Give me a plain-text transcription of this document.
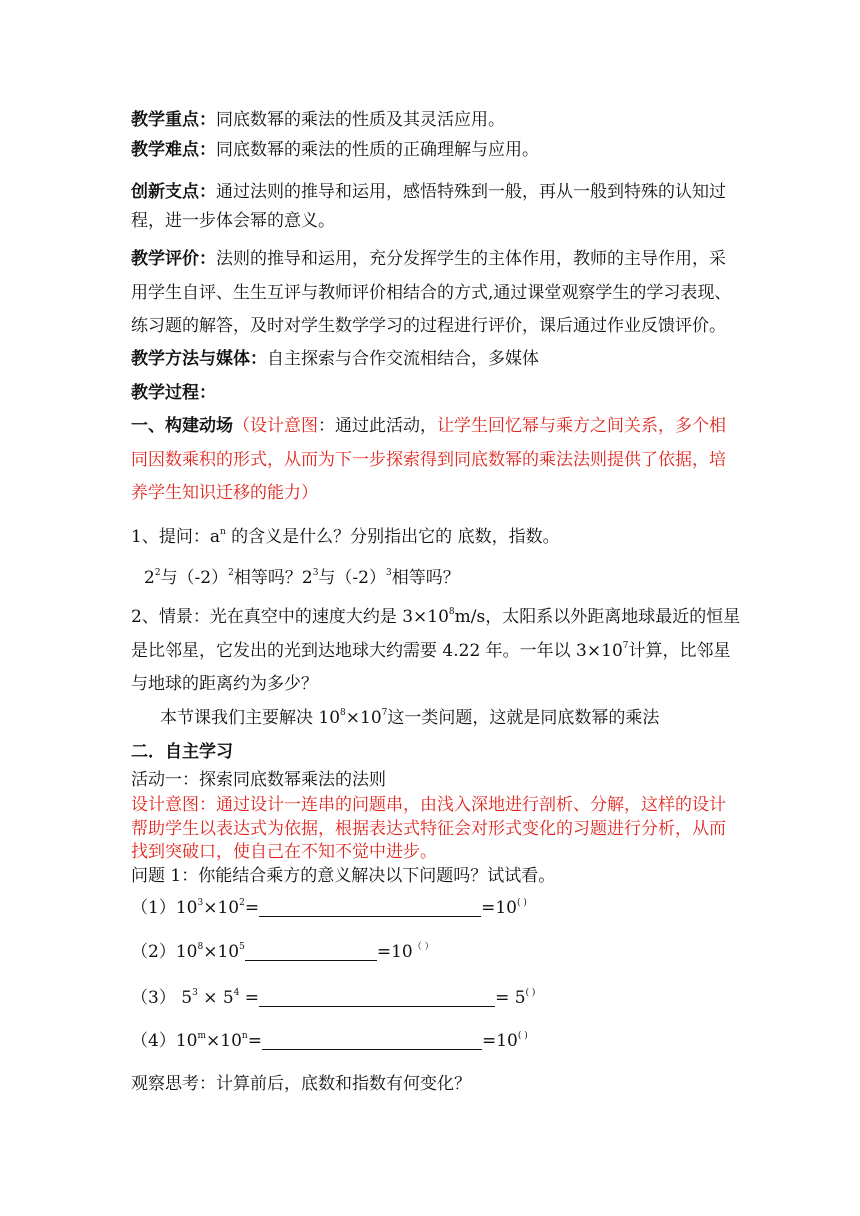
教学重点：同底数幂的乘法的性质及其灵活应用。
教学难点：同底数幂的乘法的性质的正确理解与应用。
创新支点：通过法则的推导和运用，感悟特殊到一般，再从一般到特殊的认知过
程，进一步体会幂的意义。
教学评价：法则的推导和运用，充分发挥学生的主体作用，教师的主导作用，采
用学生自评、生生互评与教师评价相结合的方式,通过课堂观察学生的学习表现、
练习题的解答，及时对学生数学学习的过程进行评价，课后通过作业反馈评价。
教学方法与媒体：自主探索与合作交流相结合，多媒体
教学过程：
一、构建动场（设计意图：通过此活动，让学生回忆幂与乘方之间关系，多个相
同因数乘积的形式，从而为下一步探索得到同底数幂的乘法法则提供了依据，培
养学生知识迁移的能力）
1、提问：$a^n$ 的含义是什么？分别指出它的 底数，指数。
$2^2$与$(-2)^2$相等吗？$2^3$与$(-2)^3$相等吗？
2、情景：光在真空中的速度大约是 $3\times 10^8m/s$，太阳系以外距离地球最近的恒星
是比邻星，它发出的光到达地球大约需要 4.22 年。一年以 $3\times 10^7$计算，比邻星
与地球的距离约为多少？
本节课我们主要解决 $10^8\times 10^7$这一类问题，这就是同底数幂的乘法
二．自主学习
活动一：探索同底数幂乘法的法则
设计意图：通过设计一连串的问题串，由浅入深地进行剖析、分解，这样的设计
帮助学生以表达式为依据，根据表达式特征会对形式变化的习题进行分析，从而
找到突破口，使自己在不知不觉中进步。
问题 1：你能结合乘方的意义解决以下问题吗？试试看。
$(1)10^3\times 10^2=$	=10( )
$(2)10^8\times 10^5$	=10（ ）
（3） $5^3 \times 5^4$ =	= 5( )
$(4)10^m\times 10^n=$	=10( )
观察思考：计算前后，底数和指数有何变化？
